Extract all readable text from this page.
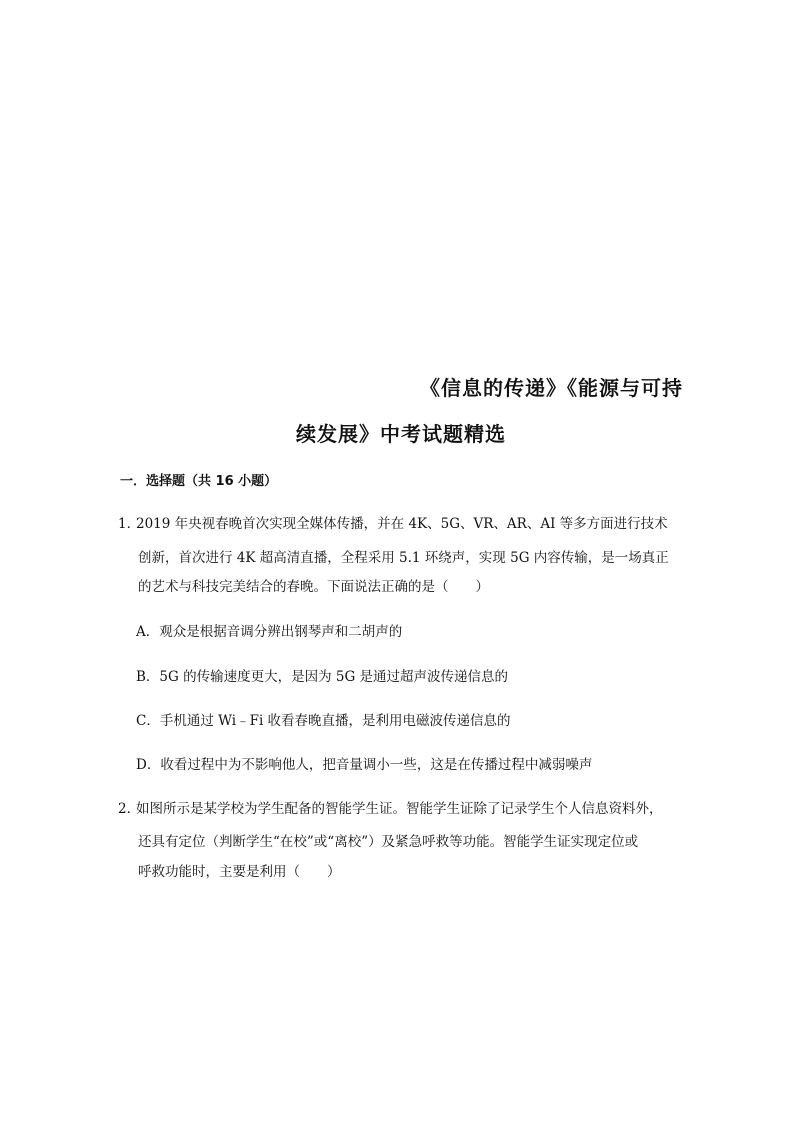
《信息的传递》《能源与可持
续发展》中考试题精选
一．选择题（共 16 小题）
1．2019 年央视春晚首次实现全媒体传播，并在 4K、5G、VR、AR、AI 等多方面进行技术
创新，首次进行 4K 超高清直播，全程采用 5.1 环绕声，实现 5G 内容传输，是一场真正
的艺术与科技完美结合的春晚。下面说法正确的是（　　）
A．观众是根据音调分辨出钢琴声和二胡声的
B．5G 的传输速度更大，是因为 5G 是通过超声波传递信息的
C．手机通过 Wi﹣Fi 收看春晚直播，是利用电磁波传递信息的
D．收看过程中为不影响他人，把音量调小一些，这是在传播过程中减弱噪声
2．如图所示是某学校为学生配备的智能学生证。智能学生证除了记录学生个人信息资料外，
还具有定位（判断学生“在校”或“离校”）及紧急呼救等功能。智能学生证实现定位或
呼救功能时，主要是利用（　　）
